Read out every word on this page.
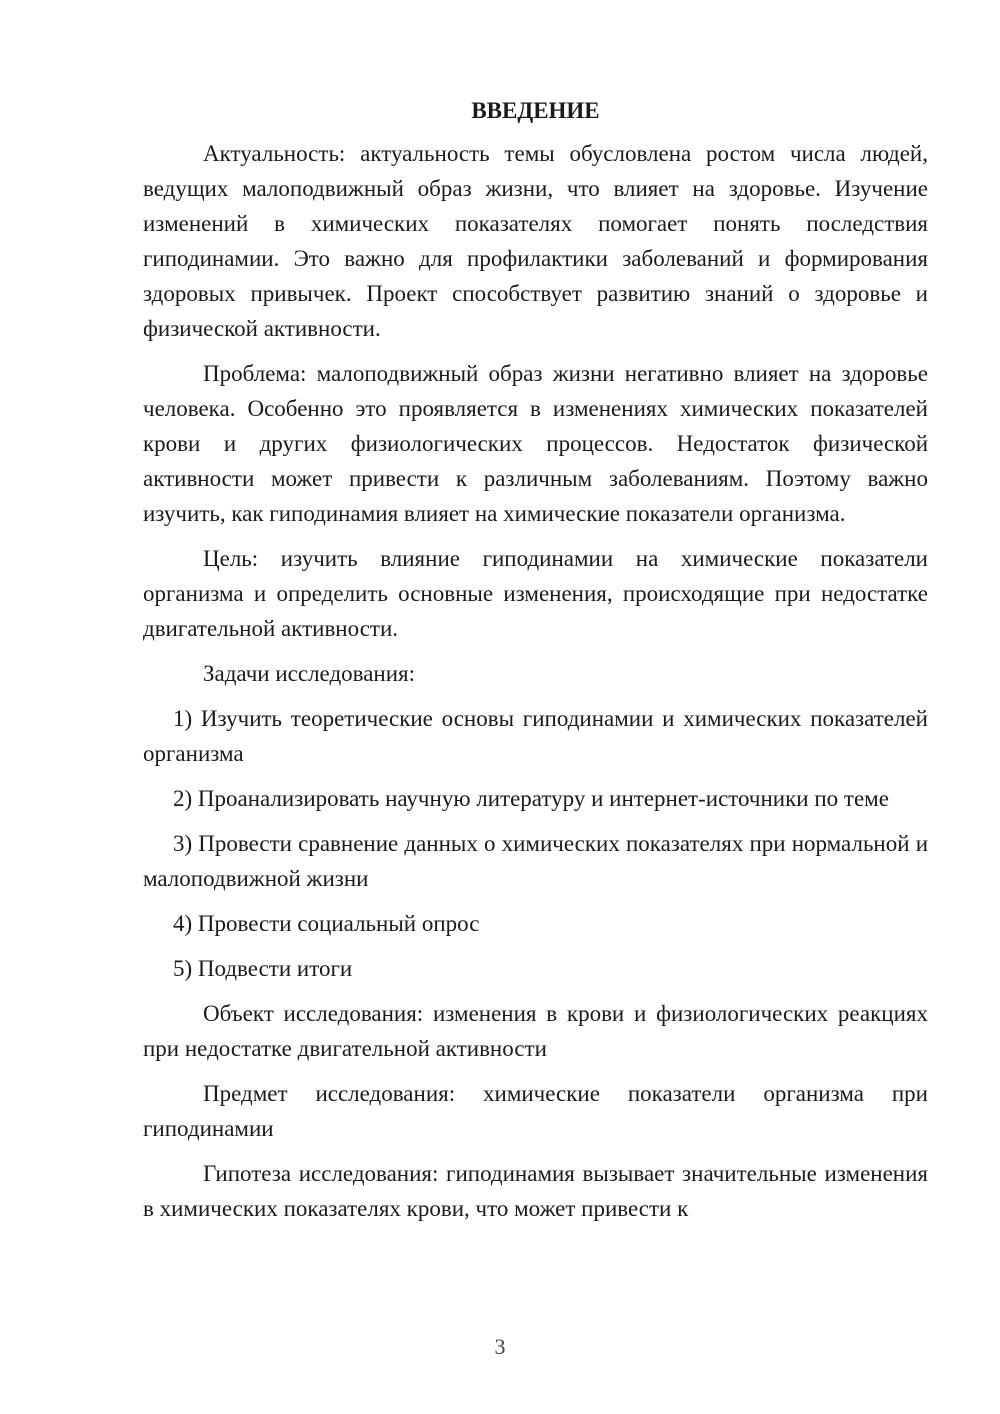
ВВЕДЕНИЕ

Актуальность: актуальность темы обусловлена ростом числа людей, ведущих малоподвижный образ жизни, что влияет на здоровье. Изучение изменений в химических показателях помогает понять последствия гиподинамии. Это важно для профилактики заболеваний и формирования здоровых привычек. Проект способствует развитию знаний о здоровье и физической активности.

Проблема: малоподвижный образ жизни негативно влияет на здоровье человека. Особенно это проявляется в изменениях химических показателей крови и других физиологических процессов. Недостаток физической активности может привести к различным заболеваниям. Поэтому важно изучить, как гиподинамия влияет на химические показатели организма.

Цель: изучить влияние гиподинамии на химические показатели организма и определить основные изменения, происходящие при недостатке двигательной активности.

Задачи исследования:

1) Изучить теоретические основы гиподинамии и химических показателей организма

2) Проанализировать научную литературу и интернет-источники по теме

3) Провести сравнение данных о химических показателях при нормальной и малоподвижной жизни

4) Провести социальный опрос

5) Подвести итоги

Объект исследования: изменения в крови и физиологических реакциях при недостатке двигательной активности

Предмет исследования: химические показатели организма при гиподинамии

Гипотеза исследования: гиподинамия вызывает значительные изменения в химических показателях крови, что может привести к

3
